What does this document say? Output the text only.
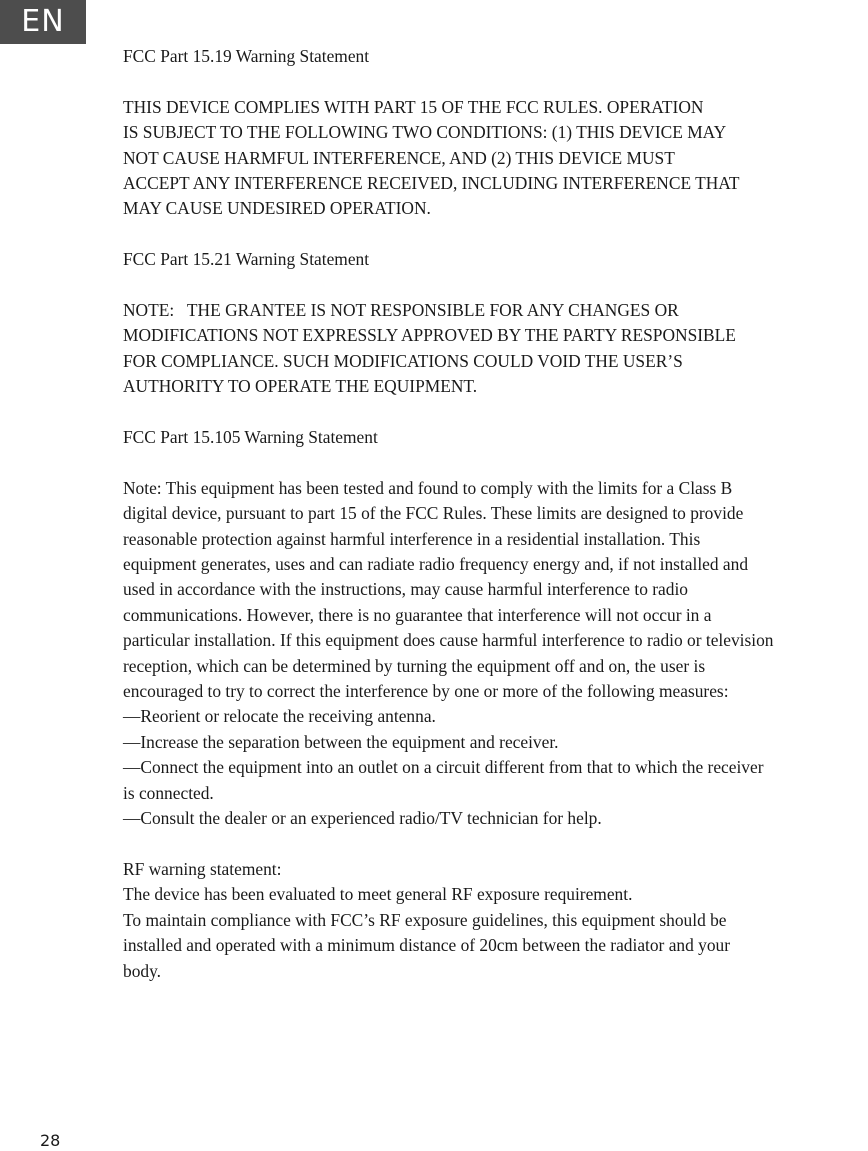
EN
FCC Part 15.19 Warning Statement
THIS DEVICE COMPLIES WITH PART 15 OF THE FCC RULES. OPERATION
IS SUBJECT TO THE FOLLOWING TWO CONDITIONS: (1) THIS DEVICE MAY
NOT CAUSE HARMFUL INTERFERENCE, AND (2) THIS DEVICE MUST
ACCEPT ANY INTERFERENCE RECEIVED, INCLUDING INTERFERENCE THAT
MAY CAUSE UNDESIRED OPERATION.
FCC Part 15.21 Warning Statement
NOTE:   THE GRANTEE IS NOT RESPONSIBLE FOR ANY CHANGES OR
MODIFICATIONS NOT EXPRESSLY APPROVED BY THE PARTY RESPONSIBLE
FOR COMPLIANCE. SUCH MODIFICATIONS COULD VOID THE USER’S
AUTHORITY TO OPERATE THE EQUIPMENT.
FCC Part 15.105 Warning Statement
Note: This equipment has been tested and found to comply with the limits for a Class B
digital device, pursuant to part 15 of the FCC Rules. These limits are designed to provide
reasonable protection against harmful interference in a residential installation. This
equipment generates, uses and can radiate radio frequency energy and, if not installed and
used in accordance with the instructions, may cause harmful interference to radio
communications. However, there is no guarantee that interference will not occur in a
particular installation. If this equipment does cause harmful interference to radio or television
reception, which can be determined by turning the equipment off and on, the user is
encouraged to try to correct the interference by one or more of the following measures:
—Reorient or relocate the receiving antenna.
—Increase the separation between the equipment and receiver.
—Connect the equipment into an outlet on a circuit different from that to which the receiver
is connected.
—Consult the dealer or an experienced radio/TV technician for help.
RF warning statement:
The device has been evaluated to meet general RF exposure requirement.
To maintain compliance with FCC’s RF exposure guidelines, this equipment should be
installed and operated with a minimum distance of 20cm between the radiator and your
body.
28
